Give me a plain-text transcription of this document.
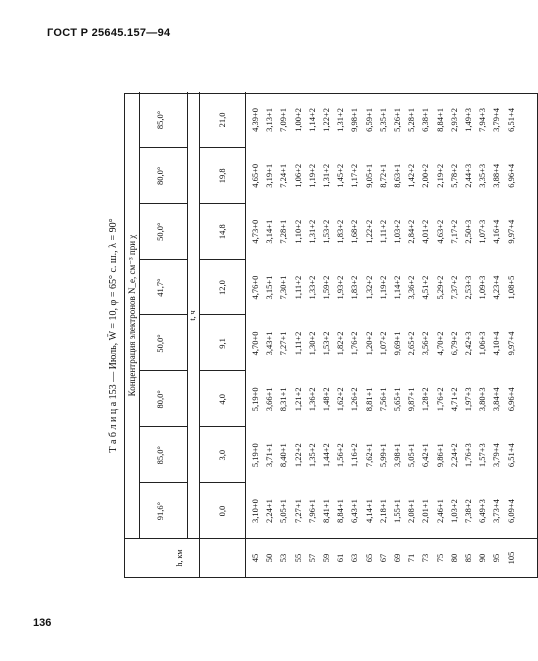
ГОСТ Р 25645.157—94
136
Т а б л и ц а 153 — Июль, W̄ = 10, φ = 65° с. ш., λ = 90°
h, км
Концентрация электронов N_e, см⁻³ при χ	t, ч
91,6°
85,0°
80,0°
50,0°
41,7°
50,0°
80,0°
85,0°
0,0
3,0
4,0
9,1
12,0
14,8
19,8
21,0
45 50 53 55 57 59 61 63 65 67 69 71 73 75 80 85 90 95 105
3,10+0 2,24+1 5,05+1 7,27+1 7,96+1 8,41+1 8,84+1 6,43+1 4,14+1 2,18+1 1,55+1 2,08+1 2,01+1 2,46+1 1,03+2 7,38+2 6,49+3 3,73+4 6,09+4
5,19+0 3,71+1 8,40+1 1,22+2 1,35+2 1,44+2 1,56+2 1,16+2 7,62+1 5,99+1 3,98+1 5,05+1 6,42+1 9,86+1 2,24+2 1,76+3 1,57+3 3,79+4 6,51+4
5,19+0 3,66+1 8,31+1 1,21+2 1,36+2 1,48+2 1,62+2 1,26+2 8,81+1 7,56+1 5,65+1 9,87+1 1,28+2 1,76+2 4,71+2 1,97+3 3,80+3 3,84+4 6,96+4
4,70+0 3,43+1 7,27+1 1,11+2 1,30+2 1,53+2 1,82+2 1,76+2 1,20+2 1,07+2 9,69+1 2,65+2 3,56+2 4,70+2 6,79+2 2,42+3 1,06+3 4,10+4 9,97+4
4,76+0 3,15+1 7,30+1 1,11+2 1,33+2 1,59+2 1,93+2 1,83+2 1,32+2 1,19+2 1,14+2 3,36+2 4,51+2 5,29+2 7,37+2 2,53+3 1,09+3 4,23+4 1,08+5
4,73+0 3,14+1 7,28+1 1,10+2 1,31+2 1,53+2 1,83+2 1,68+2 1,22+2 1,11+2 1,03+2 2,84+2 4,01+2 4,63+2 7,17+2 2,50+3 1,07+3 4,16+4 9,97+4
4,65+0 3,19+1 7,24+1 1,06+2 1,19+2 1,31+2 1,45+2 1,17+2 9,05+1 8,72+1 8,63+1 1,42+2 2,00+2 2,19+2 5,78+2 2,44+3 3,35+3 3,88+4 6,96+4
4,39+0 3,13+1 7,09+1 1,00+2 1,14+2 1,22+2 1,31+2 9,98+1 6,59+1 5,35+1 5,26+1 5,28+1 6,38+1 8,84+1 2,93+2 1,49+3 7,94+3 3,79+4 6,51+4
